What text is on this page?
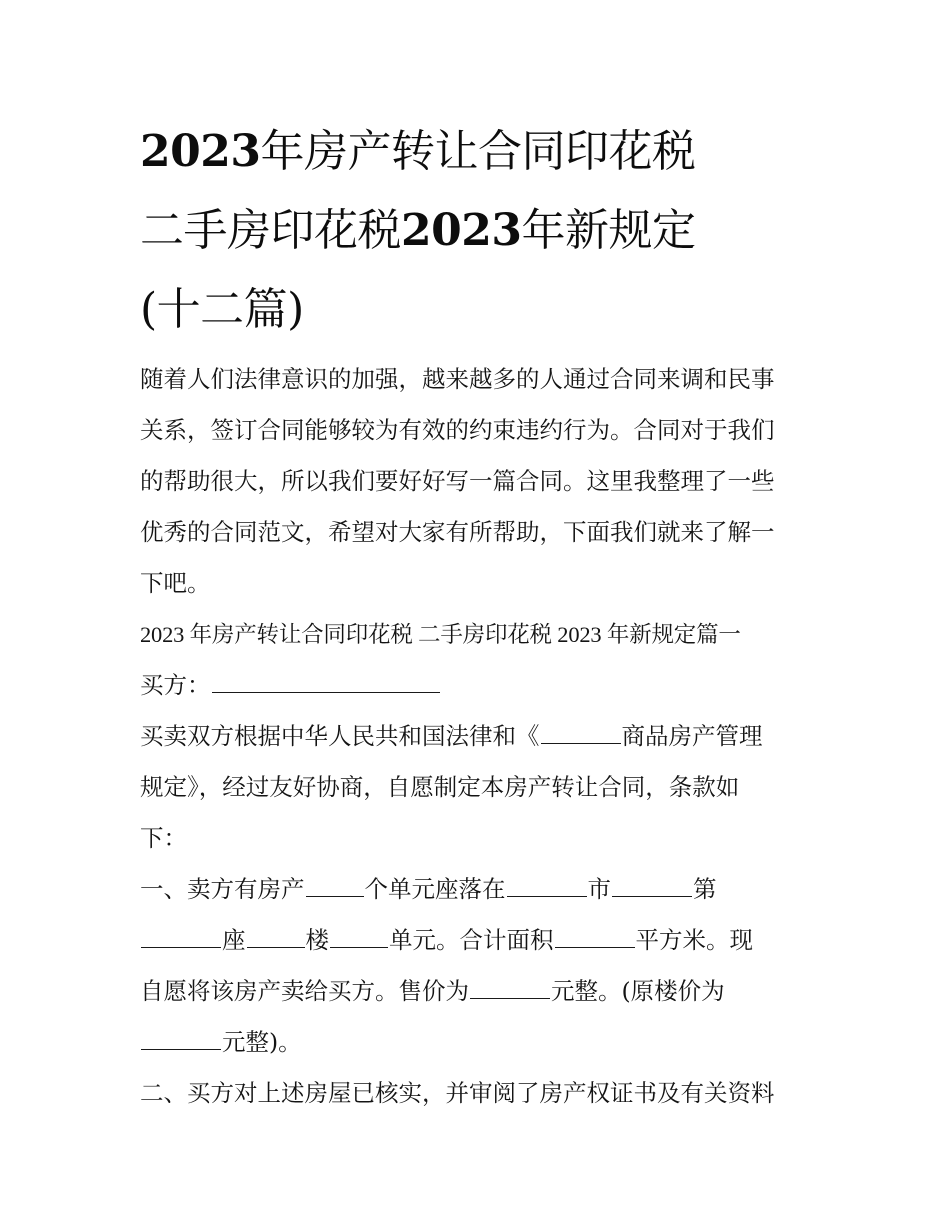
2023年房产转让合同印花税
二手房印花税2023年新规定
(十二篇)
随着人们法律意识的加强，越来越多的人通过合同来调和民事
关系，签订合同能够较为有效的约束违约行为。合同对于我们
的帮助很大，所以我们要好好写一篇合同。这里我整理了一些
优秀的合同范文，希望对大家有所帮助，下面我们就来了解一
下吧。
2023 年房产转让合同印花税 二手房印花税 2023 年新规定篇一
买方：
买卖双方根据中华人民共和国法律和《	商品房产管理
规定》，经过友好协商，自愿制定本房产转让合同，条款如
下：
一、卖方有房产	个单元座落在	市	第
座	楼	单元。合计面积	平方米。现
自愿将该房产卖给买方。售价为	元整。(原楼价为
元整)。
二、买方对上述房屋已核实，并审阅了房产权证书及有关资料
